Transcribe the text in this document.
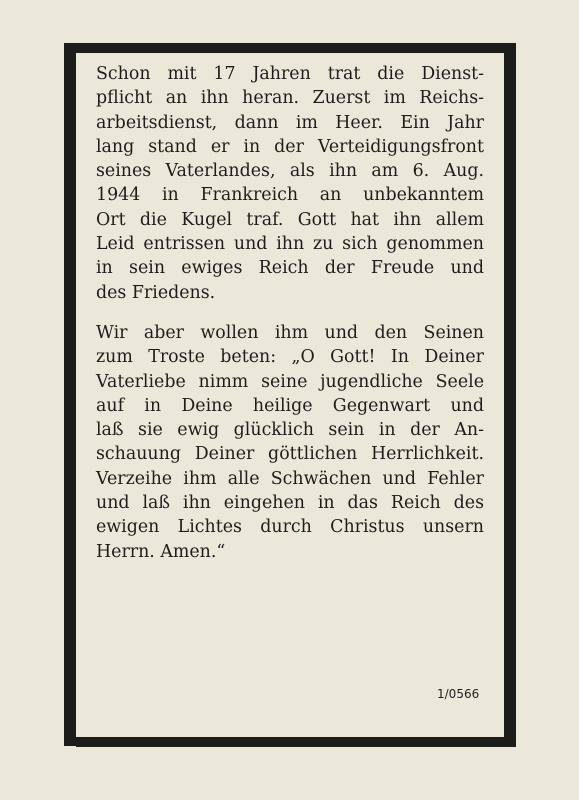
Schon mit 17 Jahren trat die Dienst-
pflicht an ihn heran. Zuerst im Reichs-
arbeitsdienst, dann im Heer. Ein Jahr
lang stand er in der Verteidigungsfront
seines Vaterlandes, als ihn am 6. Aug.
1944 in Frankreich an unbekanntem
Ort die Kugel traf. Gott hat ihn allem
Leid entrissen und ihn zu sich genommen
in sein ewiges Reich der Freude und
des Friedens.
Wir aber wollen ihm und den Seinen
zum Troste beten: „O Gott! In Deiner
Vaterliebe nimm seine jugendliche Seele
auf in Deine heilige Gegenwart und
laß sie ewig glücklich sein in der An-
schauung Deiner göttlichen Herrlichkeit.
Verzeihe ihm alle Schwächen und Fehler
und laß ihn eingehen in das Reich des
ewigen Lichtes durch Christus unsern
Herrn. Amen.“
1/0566
